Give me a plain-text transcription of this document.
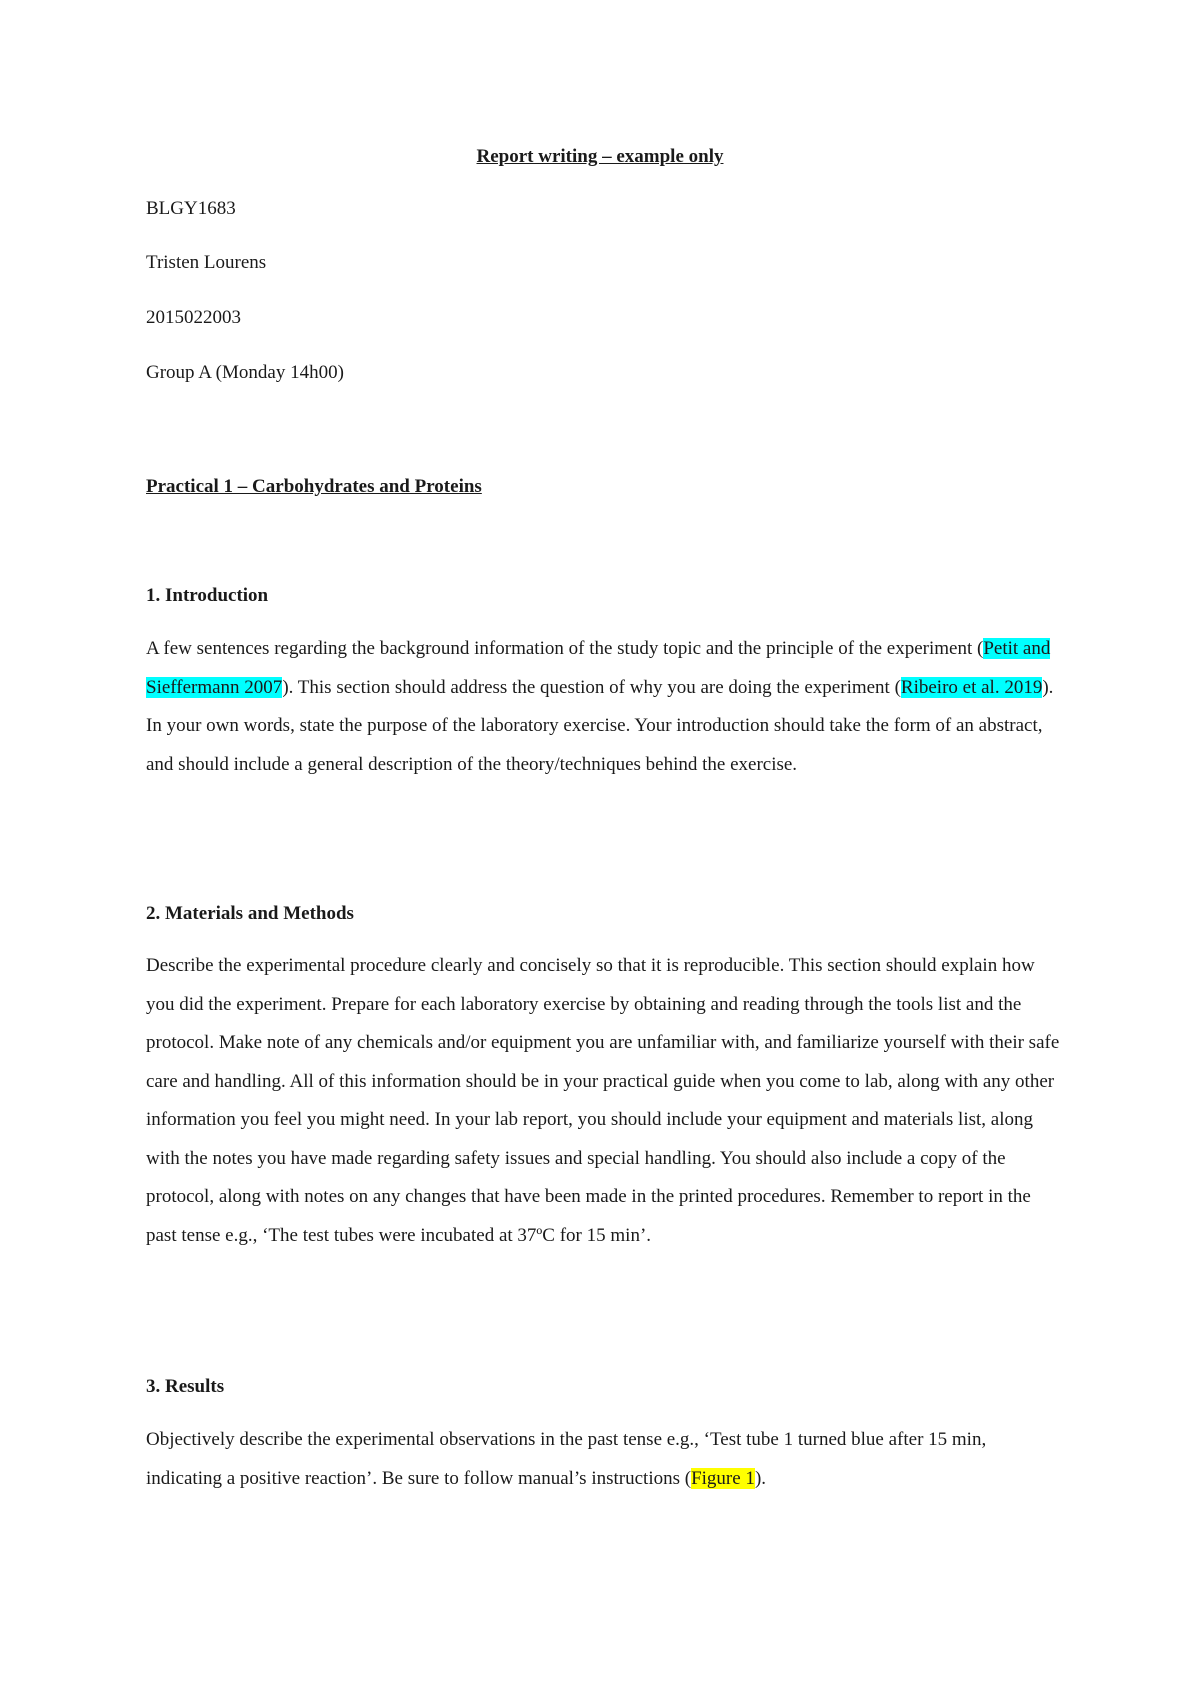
Report writing – example only

BLGY1683

Tristen Lourens

2015022003

Group A (Monday 14h00)

Practical 1 – Carbohydrates and Proteins

1. Introduction

A few sentences regarding the background information of the study topic and the principle of the experiment (Petit and Sieffermann 2007). This section should address the question of why you are doing the experiment (Ribeiro et al. 2019). In your own words, state the purpose of the laboratory exercise. Your introduction should take the form of an abstract, and should include a general description of the theory/techniques behind the exercise.

2. Materials and Methods

Describe the experimental procedure clearly and concisely so that it is reproducible. This section should explain how you did the experiment. Prepare for each laboratory exercise by obtaining and reading through the tools list and the protocol. Make note of any chemicals and/or equipment you are unfamiliar with, and familiarize yourself with their safe care and handling. All of this information should be in your practical guide when you come to lab, along with any other information you feel you might need. In your lab report, you should include your equipment and materials list, along with the notes you have made regarding safety issues and special handling. You should also include a copy of the protocol, along with notes on any changes that have been made in the printed procedures. Remember to report in the past tense e.g., ‘The test tubes were incubated at 37ºC for 15 min’.

3. Results

Objectively describe the experimental observations in the past tense e.g., ‘Test tube 1 turned blue after 15 min, indicating a positive reaction’. Be sure to follow manual’s instructions (Figure 1).
